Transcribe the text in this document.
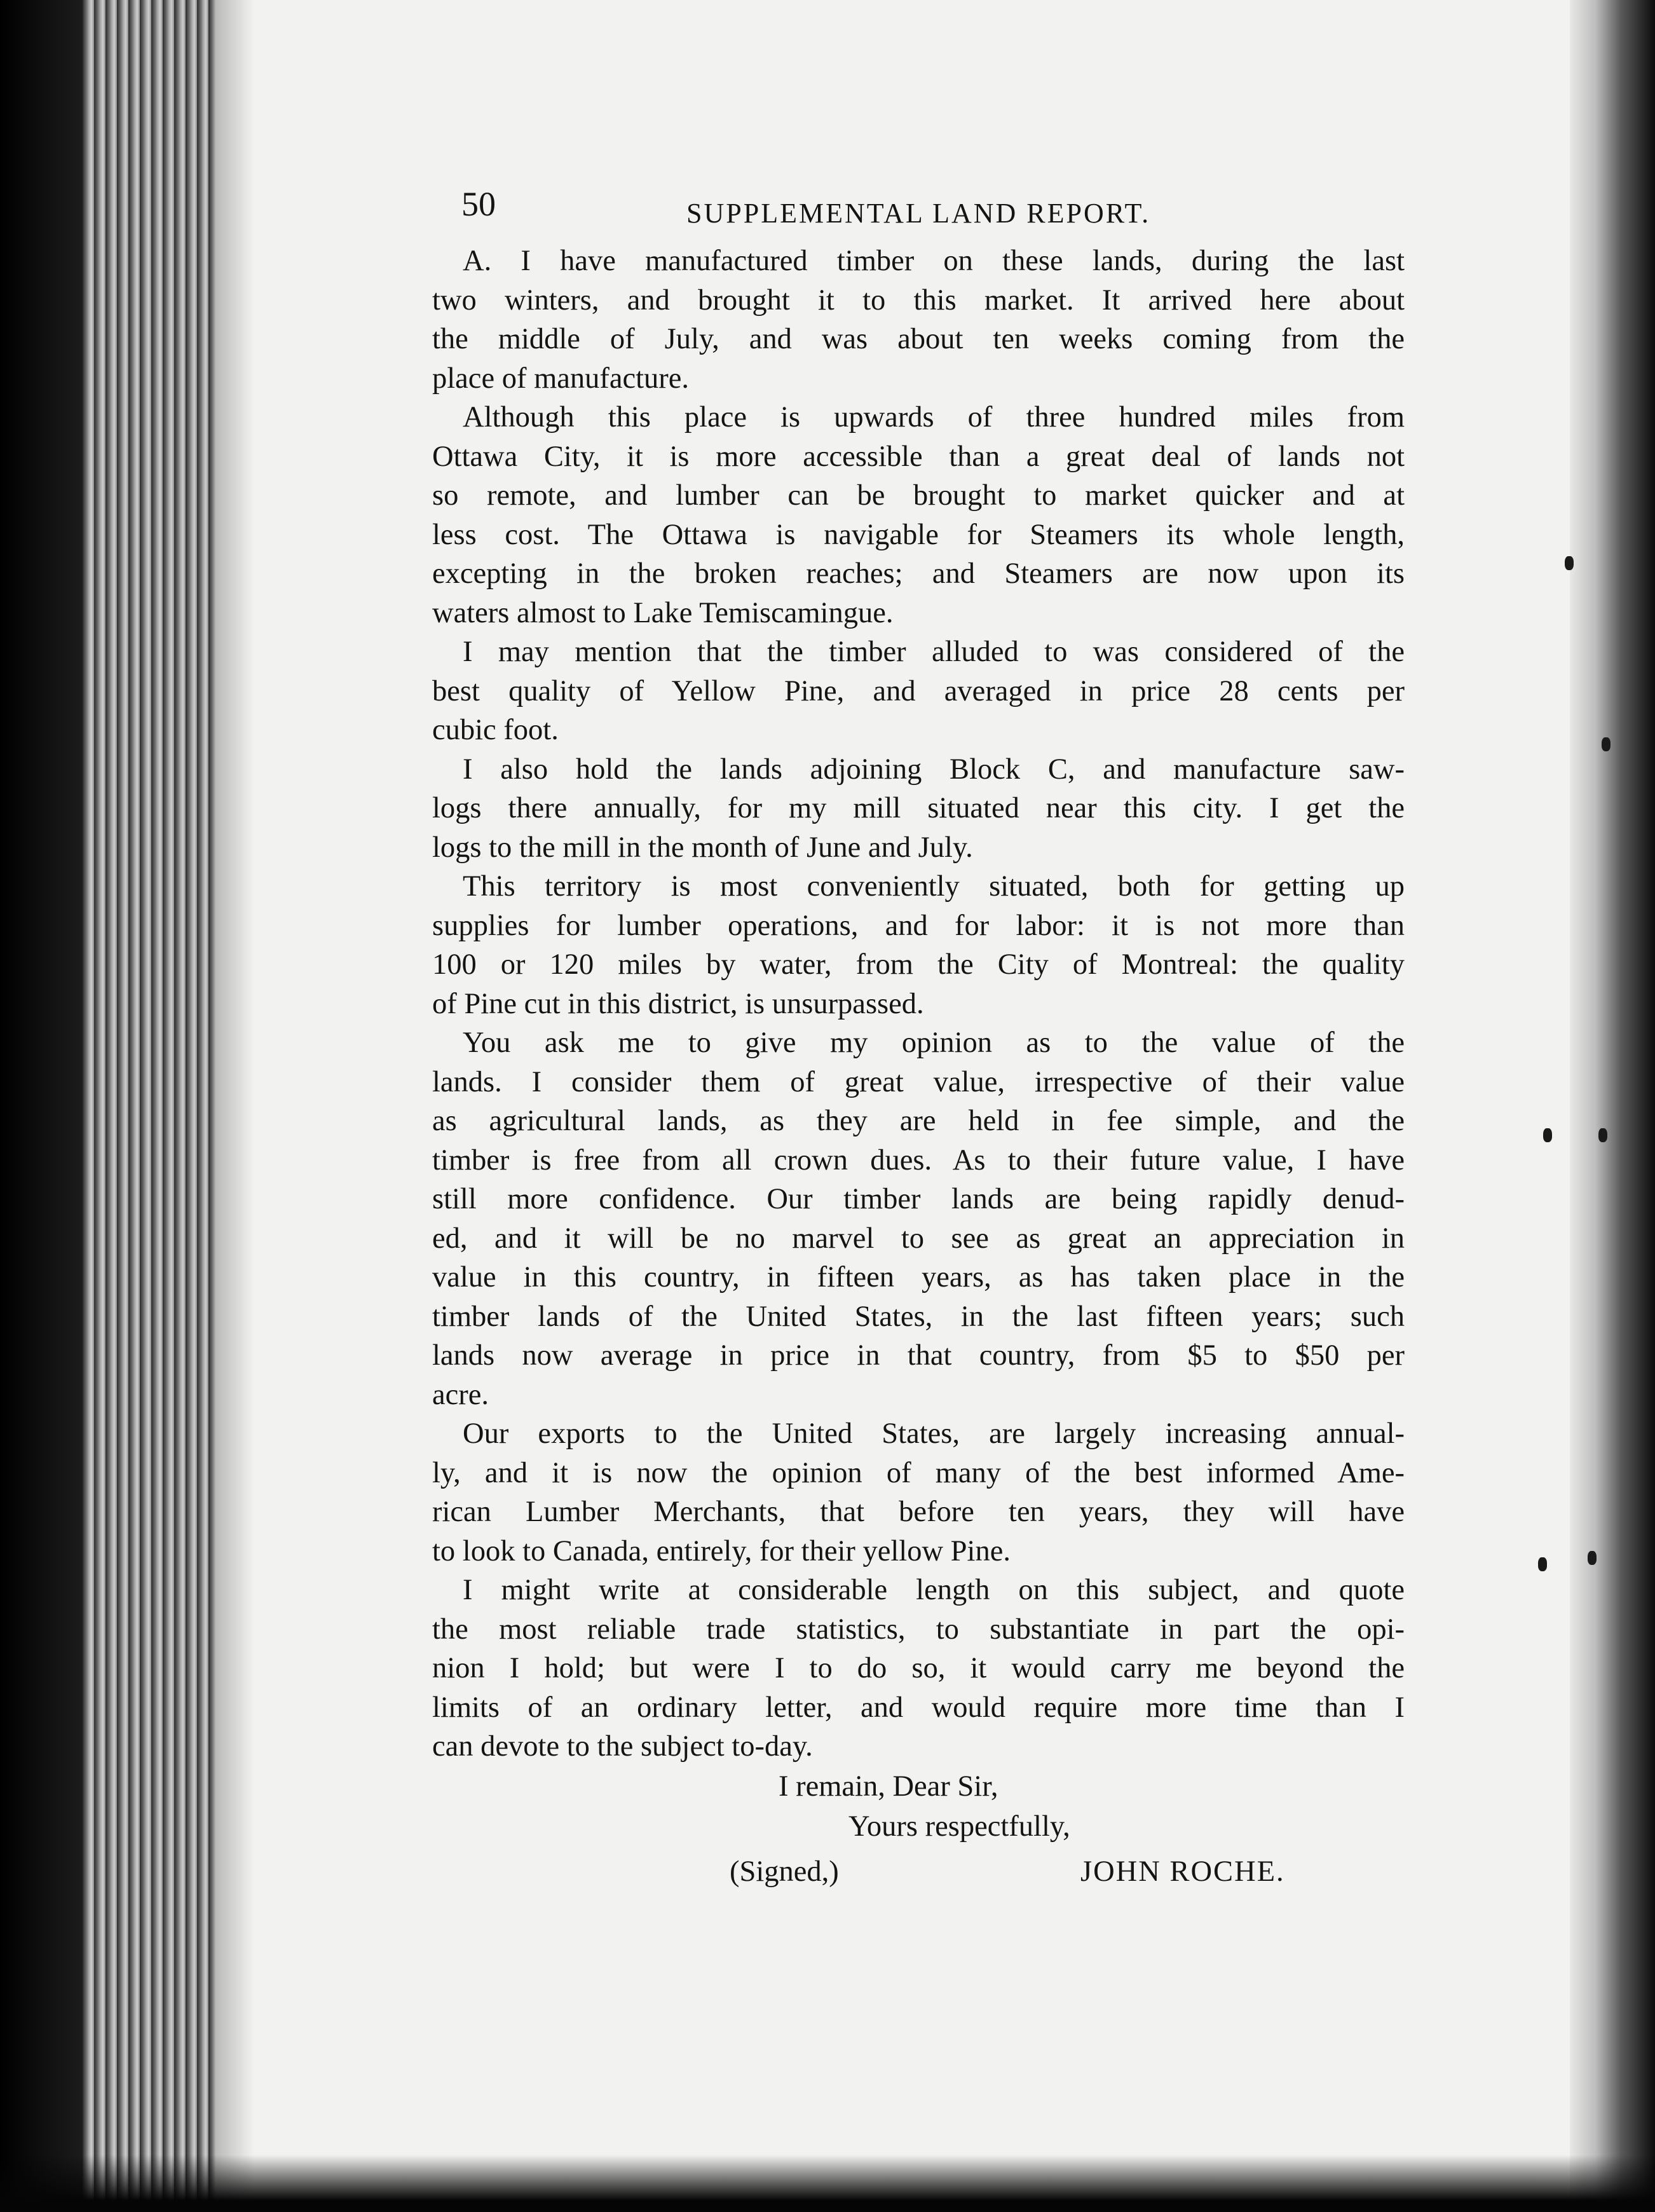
50	SUPPLEMENTAL LAND REPORT.
A. I have manufactured timber on these lands, during the last
two winters, and brought it to this market. It arrived here about
the middle of July, and was about ten weeks coming from the
place of manufacture.
Although this place is upwards of three hundred miles from
Ottawa City, it is more accessible than a great deal of lands not
so remote, and lumber can be brought to market quicker and at
less cost. The Ottawa is navigable for Steamers its whole length,
excepting in the broken reaches; and Steamers are now upon its
waters almost to Lake Temiscamingue.
I may mention that the timber alluded to was considered of the
best quality of Yellow Pine, and averaged in price 28 cents per
cubic foot.
I also hold the lands adjoining Block C, and manufacture saw-
logs there annually, for my mill situated near this city. I get the
logs to the mill in the month of June and July.
This territory is most conveniently situated, both for getting up
supplies for lumber operations, and for labor: it is not more than
100 or 120 miles by water, from the City of Montreal: the quality
of Pine cut in this district, is unsurpassed.
You ask me to give my opinion as to the value of the
lands. I consider them of great value, irrespective of their value
as agricultural lands, as they are held in fee simple, and the
timber is free from all crown dues. As to their future value, I have
still more confidence. Our timber lands are being rapidly denud-
ed, and it will be no marvel to see as great an appreciation in
value in this country, in fifteen years, as has taken place in the
timber lands of the United States, in the last fifteen years; such
lands now average in price in that country, from $5 to $50 per
acre.
Our exports to the United States, are largely increasing annual-
ly, and it is now the opinion of many of the best informed Ame-
rican Lumber Merchants, that before ten years, they will have
to look to Canada, entirely, for their yellow Pine.
I might write at considerable length on this subject, and quote
the most reliable trade statistics, to substantiate in part the opi-
nion I hold; but were I to do so, it would carry me beyond the
limits of an ordinary letter, and would require more time than I
can devote to the subject to-day.
I remain, Dear Sir,
Yours respectfully,
(Signed,)	JOHN ROCHE.
